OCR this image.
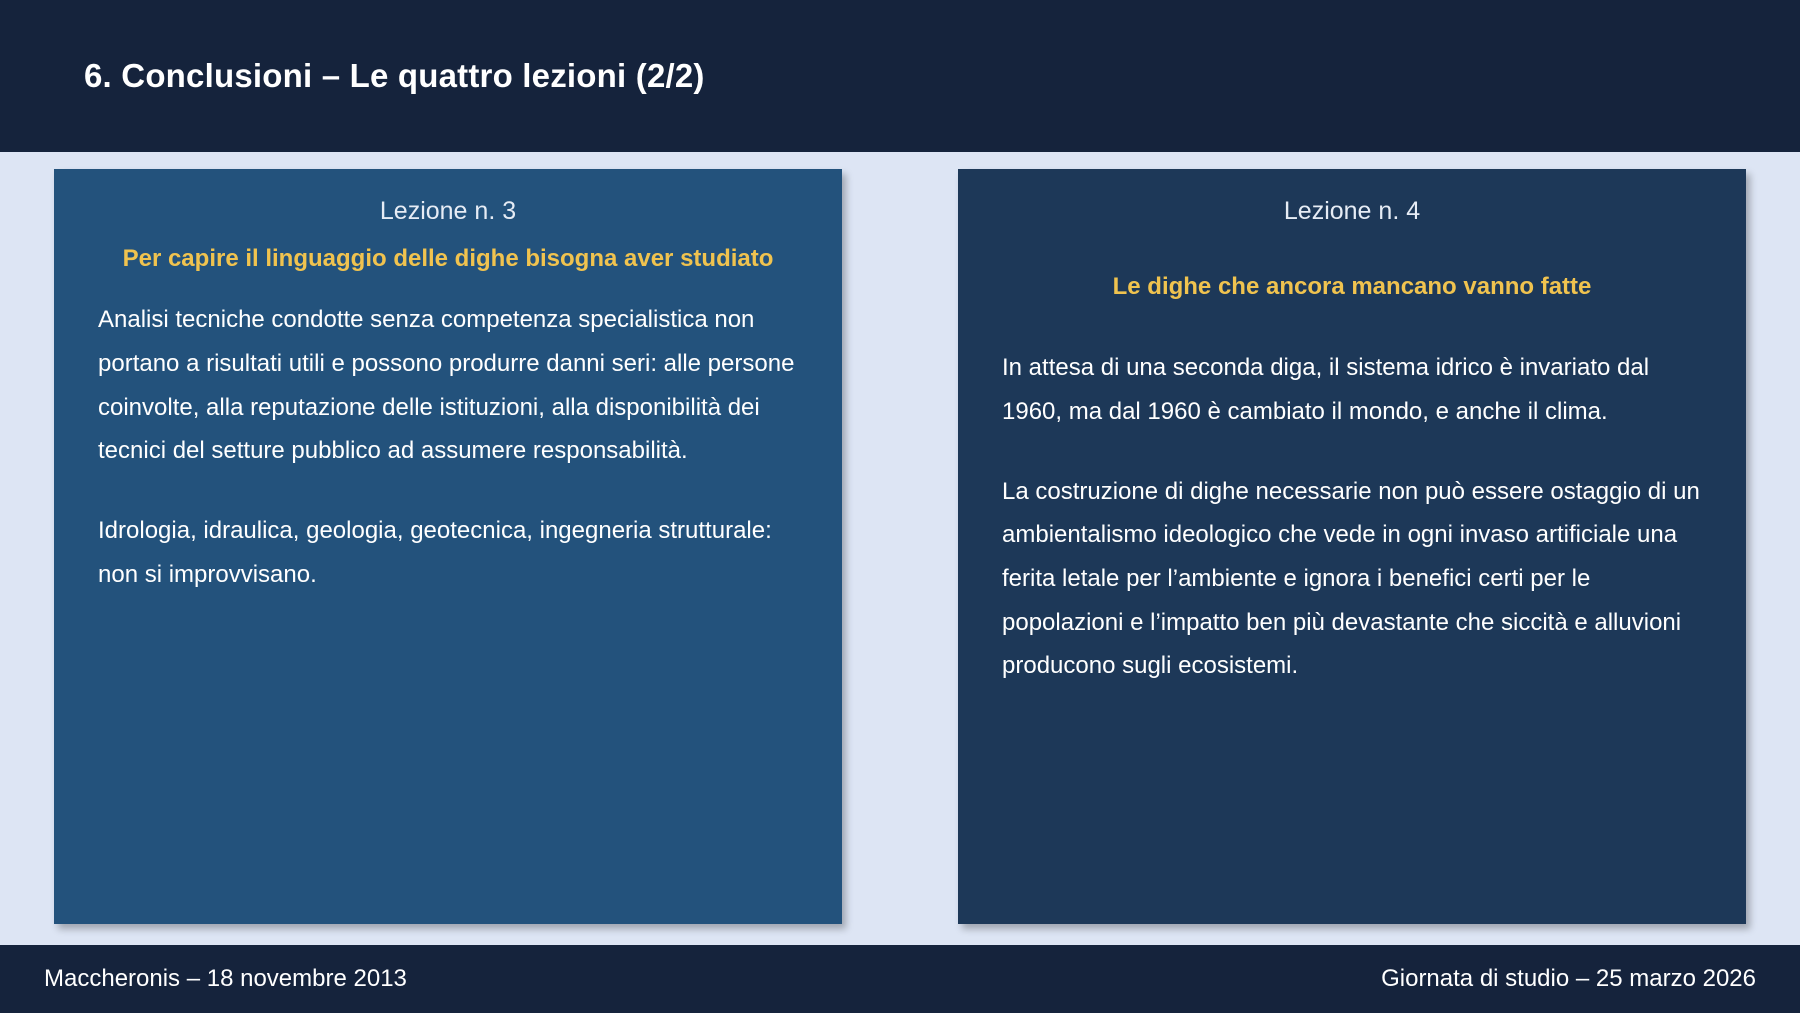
6. Conclusioni – Le quattro lezioni (2/2)
Lezione n. 3
Per capire il linguaggio delle dighe bisogna aver studiato

Analisi tecniche condotte senza competenza specialistica non portano a risultati utili e possono produrre danni seri: alle persone coinvolte, alla reputazione delle istituzioni, alla disponibilità dei tecnici del setture pubblico ad assumere responsabilità.

Idrologia, idraulica, geologia, geotecnica, ingegneria strutturale: non si improvvisano.

Lezione n. 4
Le dighe che ancora mancano vanno fatte

In attesa di una seconda diga, il sistema idrico è invariato dal 1960, ma dal 1960 è cambiato il mondo, e anche il clima.

La costruzione di dighe necessarie non può essere ostaggio di un ambientalismo ideologico che vede in ogni invaso artificiale una ferita letale per l’ambiente e ignora i benefici certi per le popolazioni e l’impatto ben più devastante che siccità e alluvioni producono sugli ecosistemi.

Maccheronis – 18 novembre 2013	Giornata di studio – 25 marzo 2026
